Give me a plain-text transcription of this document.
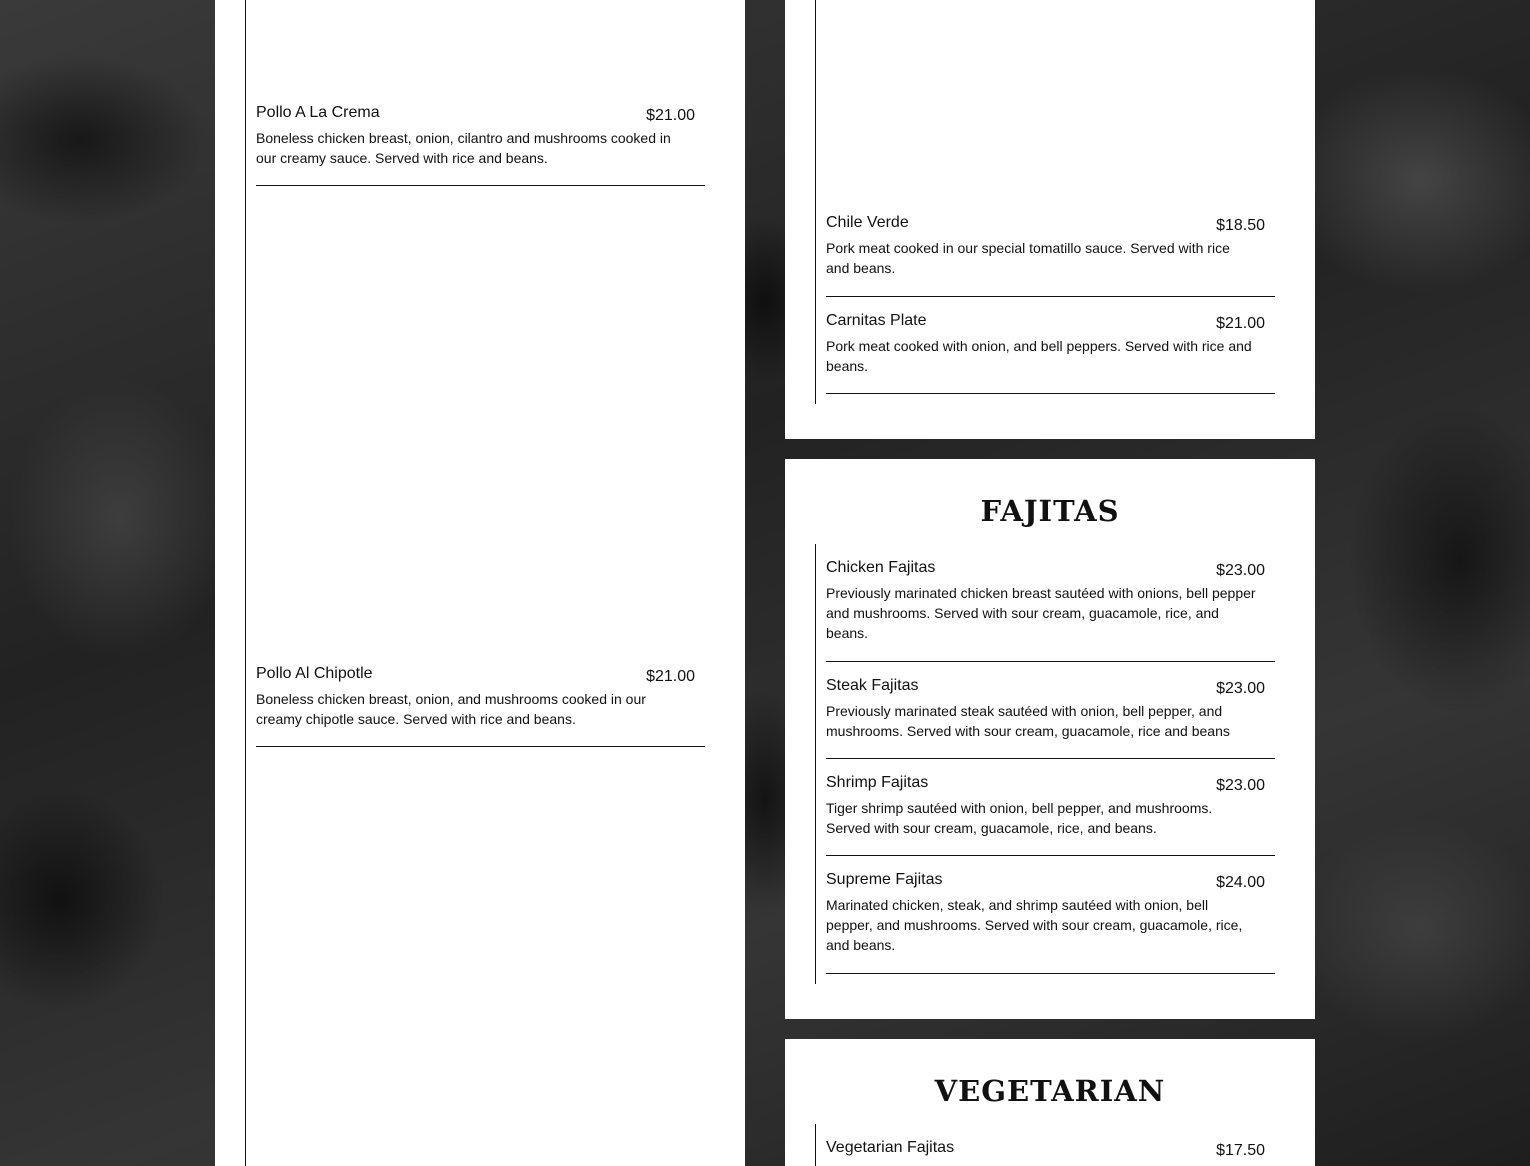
Pollo A La Crema	$21.00
Boneless chicken breast, onion, cilantro and mushrooms cooked in our creamy sauce. Served with rice and beans.
Pollo Al Chipotle	$21.00
Boneless chicken breast, onion, and mushrooms cooked in our creamy chipotle sauce. Served with rice and beans.
Chile Verde	$18.50
Pork meat cooked in our special tomatillo sauce. Served with rice and beans.
Carnitas Plate	$21.00
Pork meat cooked with onion, and bell peppers. Served with rice and beans.
FAJITAS
Chicken Fajitas	$23.00
Previously marinated chicken breast sautéed with onions, bell pepper and mushrooms. Served with sour cream, guacamole, rice, and beans.
Steak Fajitas	$23.00
Previously marinated steak sautéed with onion, bell pepper, and mushrooms. Served with sour cream, guacamole, rice and beans
Shrimp Fajitas	$23.00
Tiger shrimp sautéed with onion, bell pepper, and mushrooms. Served with sour cream, guacamole, rice, and beans.
Supreme Fajitas	$24.00
Marinated chicken, steak, and shrimp sautéed with onion, bell pepper, and mushrooms. Served with sour cream, guacamole, rice, and beans.
VEGETARIAN
Vegetarian Fajitas	$17.50
